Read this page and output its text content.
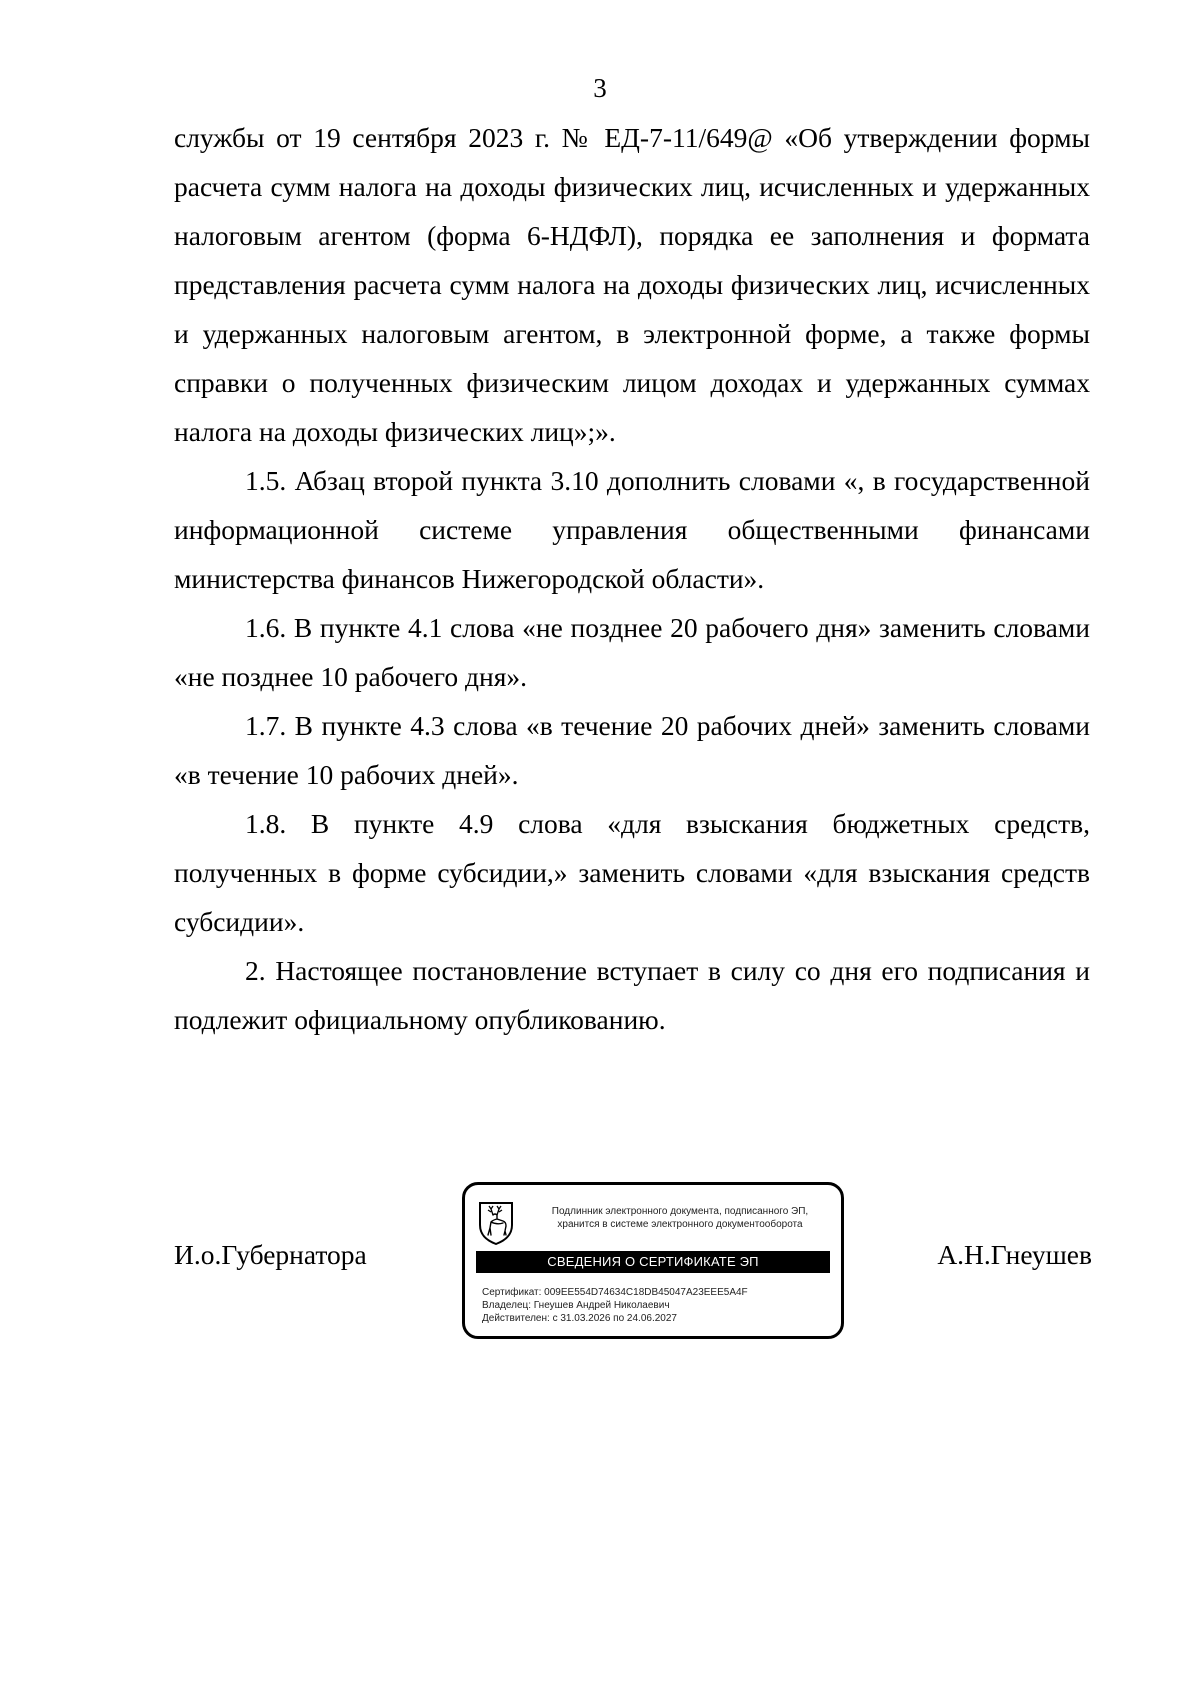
3

службы от 19 сентября 2023 г. № ЕД-7-11/649@ «Об утверждении формы расчета сумм налога на доходы физических лиц, исчисленных и удержанных налоговым агентом (форма 6-НДФЛ), порядка ее заполнения и формата представления расчета сумм налога на доходы физических лиц, исчисленных и удержанных налоговым агентом, в электронной форме, а также формы справки о полученных физическим лицом доходах и удержанных суммах налога на доходы физических лиц»;».

1.5. Абзац второй пункта 3.10 дополнить словами «, в государственной информационной системе управления общественными финансами министерства финансов Нижегородской области».

1.6. В пункте 4.1 слова «не позднее 20 рабочего дня» заменить словами «не позднее 10 рабочего дня».

1.7. В пункте 4.3 слова «в течение 20 рабочих дней» заменить словами «в течение 10 рабочих дней».

1.8. В пункте 4.9 слова «для взыскания бюджетных средств, полученных в форме субсидии,» заменить словами «для взыскания средств субсидии».

2. Настоящее постановление вступает в силу со дня его подписания и подлежит официальному опубликованию.

И.о.Губернатора	А.Н.Гнеушев
Подлинник электронного документа, подписанного ЭП,
хранится в системе электронного документооборота
СВЕДЕНИЯ О СЕРТИФИКАТЕ ЭП
Сертификат: 009EE554D74634C18DB45047A23EEE5A4F
Владелец: Гнеушев Андрей Николаевич
Действителен: с 31.03.2026 по 24.06.2027
